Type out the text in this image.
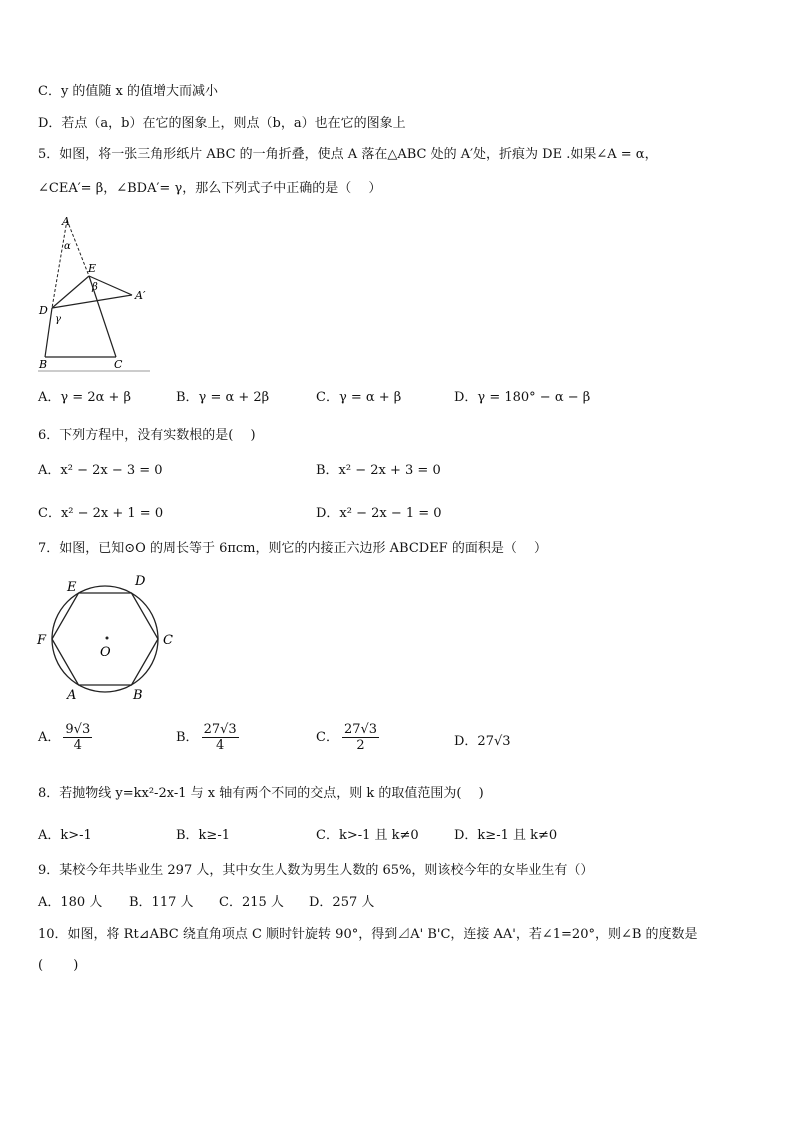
C．y 的值随 x 的值增大而减小
D．若点（a，b）在它的图象上，则点（b，a）也在它的图象上
5．如图，将一张三角形纸片 ABC 的一角折叠，使点 A 落在△ABC 处的 A′处，折痕为 DE .如果∠A = α，
∠CEA′= β，∠BDA′= γ，那么下列式子中正确的是（　 ）
A
α
E
β
A′
D
γ
B	C
A．γ = 2α + β	B．γ = α + 2β	C．γ = α + β	D．γ = 180° − α − β
6．下列方程中，没有实数根的是(　 )
A．x² − 2x − 3 = 0	B．x² − 2x + 3 = 0
C．x² − 2x + 1 = 0	D．x² − 2x − 1 = 0
7．如图，已知⊙O 的周长等于 6πcm，则它的内接正六边形 ABCDEF 的面积是（　 ）
E	D
F	C
O
A	B
A． $\frac{9√3}{4}$	B． $\frac{27√3}{4}$	C． $\frac{27√3}{2}$	D．27√3
8．若抛物线 y=kx²-2x-1 与 x 轴有两个不同的交点，则 k 的取值范围为(　 )
A．k>-1	B．k≥-1	C．k>-1 且 k≠0	D．k≥-1 且 k≠0
9．某校今年共毕业生 297 人，其中女生人数为男生人数的 65%，则该校今年的女毕业生有（）
A．180 人 B．117 人 C．215 人 D．257 人
10．如图，将 Rt⊿ABC 绕直角项点 C 顺时针旋转 90°，得到⊿A' B'C，连接 AA'，若∠1=20°，则∠B 的度数是
(　　 )
